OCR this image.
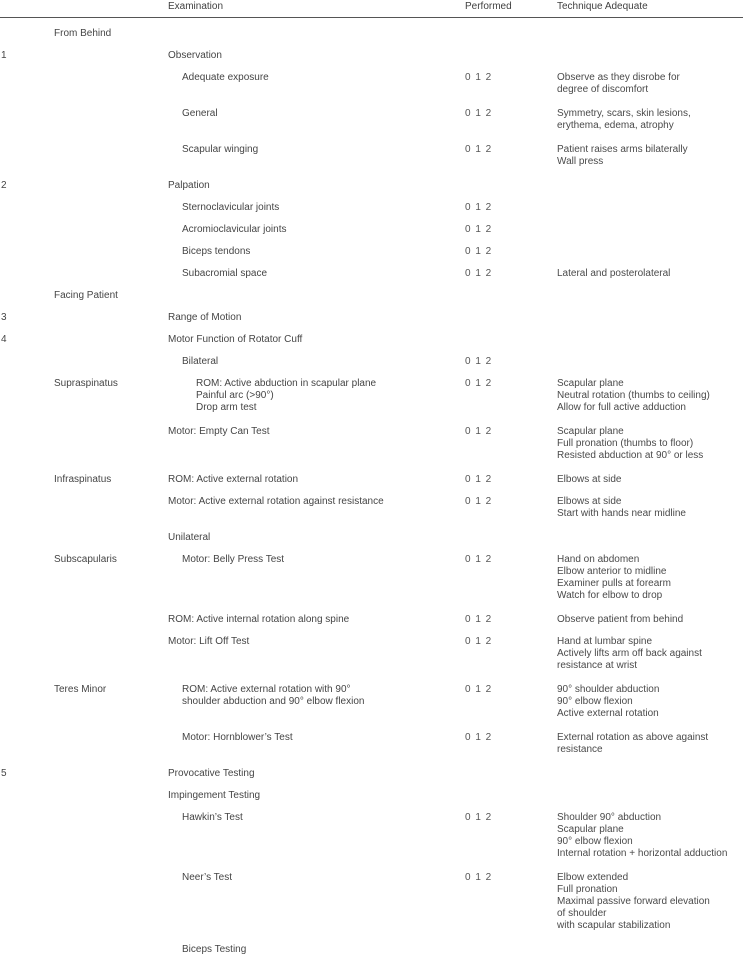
Examination	Performed	Technique Adequate
From Behind
1	Observation
Adequate exposure	0 1 2	Observe as they disrobe for
degree of discomfort
General	0 1 2	Symmetry, scars, skin lesions,
erythema, edema, atrophy
Scapular winging	0 1 2	Patient raises arms bilaterally
Wall press
2	Palpation
Sternoclavicular joints	0 1 2
Acromioclavicular joints	0 1 2
Biceps tendons	0 1 2
Subacromial space	0 1 2	Lateral and posterolateral
Facing Patient
3	Range of Motion
4	Motor Function of Rotator Cuff
Bilateral	0 1 2
Supraspinatus	ROM: Active abduction in scapular plane
Painful arc (>90°)
Drop arm test
0 1 2	Scapular plane
Neutral rotation (thumbs to ceiling)
Allow for full active adduction
Motor: Empty Can Test	0 1 2	Scapular plane
Full pronation (thumbs to floor)
Resisted abduction at 90° or less
Infraspinatus	ROM: Active external rotation	0 1 2	Elbows at side
Motor: Active external rotation against resistance	0 1 2	Elbows at side
Start with hands near midline
Unilateral
Subscapularis	Motor: Belly Press Test	0 1 2	Hand on abdomen
Elbow anterior to midline
Examiner pulls at forearm
Watch for elbow to drop
ROM: Active internal rotation along spine	0 1 2	Observe patient from behind
Motor: Lift Off Test	0 1 2	Hand at lumbar spine
Actively lifts arm off back against
resistance at wrist
Teres Minor	ROM: Active external rotation with 90°
shoulder abduction and 90° elbow flexion
0 1 2	90° shoulder abduction
90° elbow flexion
Active external rotation
Motor: Hornblower’s Test	0 1 2	External rotation as above against
resistance
5	Provocative Testing
Impingement Testing
Hawkin’s Test	0 1 2	Shoulder 90° abduction
Scapular plane
90° elbow flexion
Internal rotation + horizontal adduction
Neer’s Test	0 1 2	Elbow extended
Full pronation
Maximal passive forward elevation
of shoulder
with scapular stabilization
Biceps Testing
